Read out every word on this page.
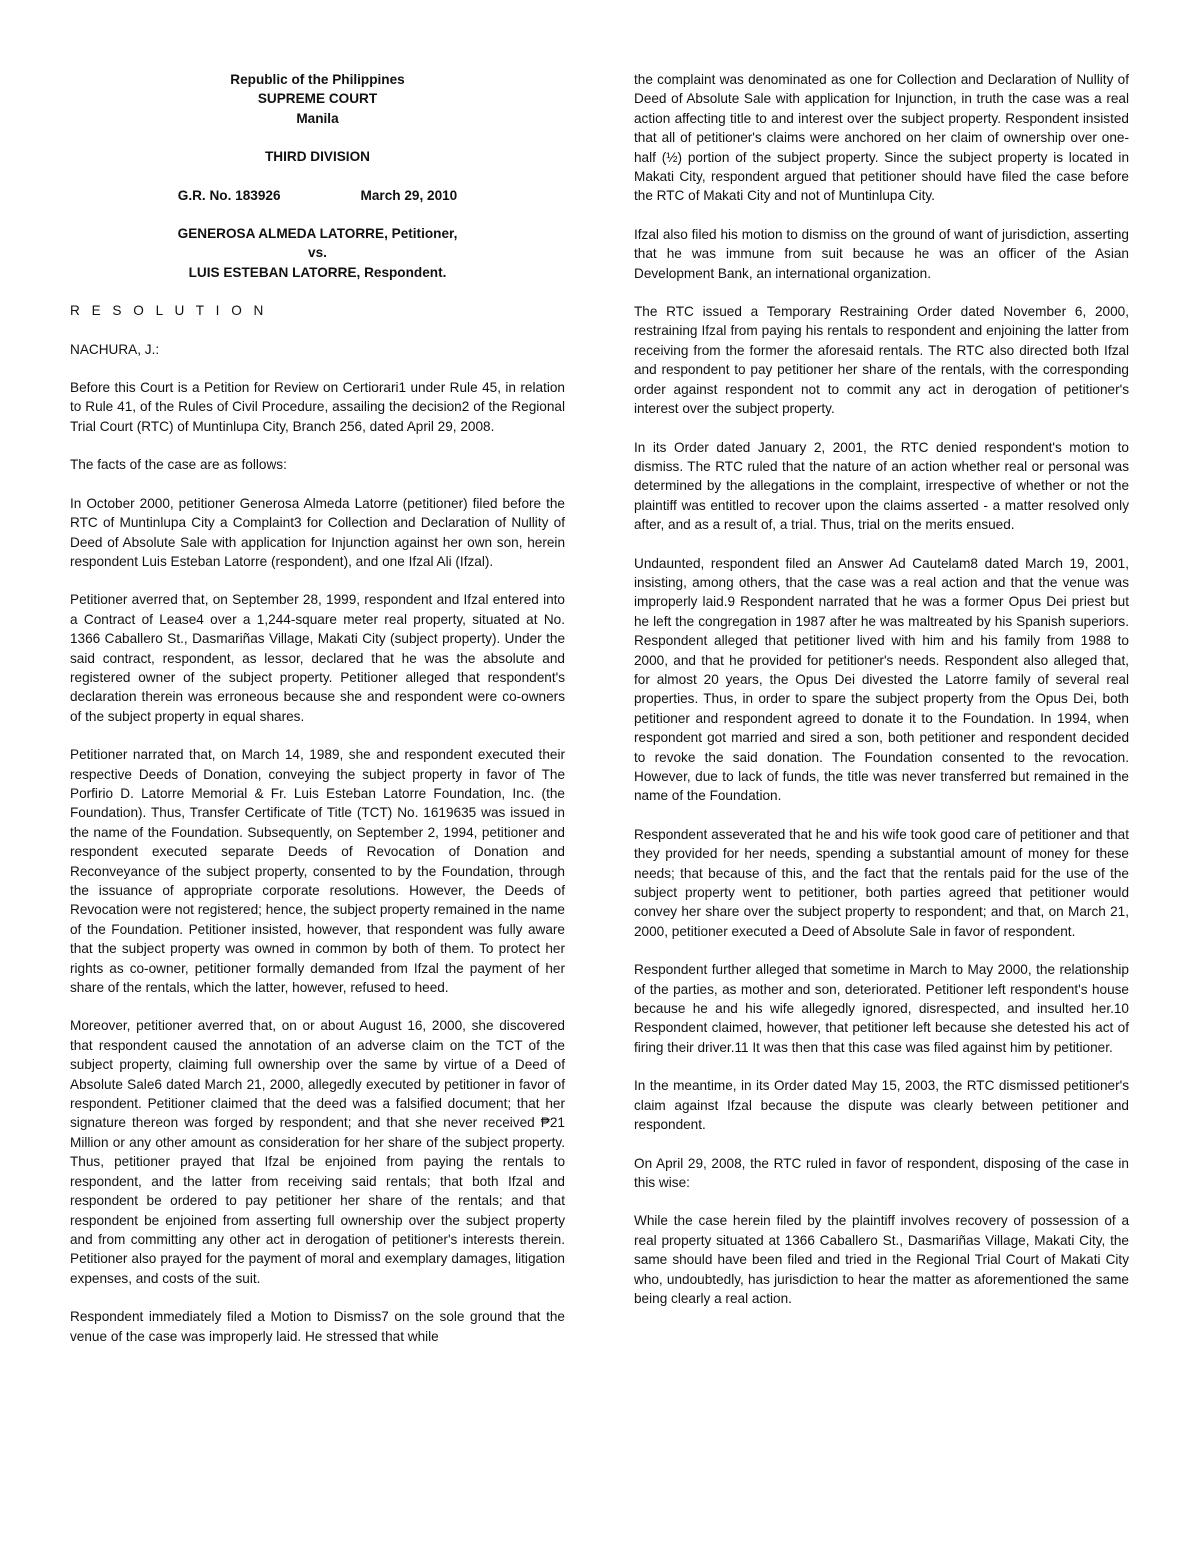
Republic of the Philippines

SUPREME COURT

Manila

THIRD DIVISION

G.R. No. 183926	March 29, 2010

GENEROSA ALMEDA LATORRE, Petitioner,

vs.

LUIS ESTEBAN LATORRE, Respondent.

R E S O L U T I O N

NACHURA, J.:

Before this Court is a Petition for Review on Certiorari1 under Rule 45, in relation to Rule 41, of the Rules of Civil Procedure, assailing the decision2 of the Regional Trial Court (RTC) of Muntinlupa City, Branch 256, dated April 29, 2008.

The facts of the case are as follows:

In October 2000, petitioner Generosa Almeda Latorre (petitioner) filed before the RTC of Muntinlupa City a Complaint3 for Collection and Declaration of Nullity of Deed of Absolute Sale with application for Injunction against her own son, herein respondent Luis Esteban Latorre (respondent), and one Ifzal Ali (Ifzal).

Petitioner averred that, on September 28, 1999, respondent and Ifzal entered into a Contract of Lease4 over a 1,244-square meter real property, situated at No. 1366 Caballero St., Dasmariñas Village, Makati City (subject property). Under the said contract, respondent, as lessor, declared that he was the absolute and registered owner of the subject property. Petitioner alleged that respondent's declaration therein was erroneous because she and respondent were co-owners of the subject property in equal shares.

Petitioner narrated that, on March 14, 1989, she and respondent executed their respective Deeds of Donation, conveying the subject property in favor of The Porfirio D. Latorre Memorial & Fr. Luis Esteban Latorre Foundation, Inc. (the Foundation). Thus, Transfer Certificate of Title (TCT) No. 1619635 was issued in the name of the Foundation. Subsequently, on September 2, 1994, petitioner and respondent executed separate Deeds of Revocation of Donation and Reconveyance of the subject property, consented to by the Foundation, through the issuance of appropriate corporate resolutions. However, the Deeds of Revocation were not registered; hence, the subject property remained in the name of the Foundation. Petitioner insisted, however, that respondent was fully aware that the subject property was owned in common by both of them. To protect her rights as co-owner, petitioner formally demanded from Ifzal the payment of her share of the rentals, which the latter, however, refused to heed.

Moreover, petitioner averred that, on or about August 16, 2000, she discovered that respondent caused the annotation of an adverse claim on the TCT of the subject property, claiming full ownership over the same by virtue of a Deed of Absolute Sale6 dated March 21, 2000, allegedly executed by petitioner in favor of respondent. Petitioner claimed that the deed was a falsified document; that her signature thereon was forged by respondent; and that she never received ₱21 Million or any other amount as consideration for her share of the subject property. Thus, petitioner prayed that Ifzal be enjoined from paying the rentals to respondent, and the latter from receiving said rentals; that both Ifzal and respondent be ordered to pay petitioner her share of the rentals; and that respondent be enjoined from asserting full ownership over the subject property and from committing any other act in derogation of petitioner's interests therein. Petitioner also prayed for the payment of moral and exemplary damages, litigation expenses, and costs of the suit.

Respondent immediately filed a Motion to Dismiss7 on the sole ground that the venue of the case was improperly laid. He stressed that while

the complaint was denominated as one for Collection and Declaration of Nullity of Deed of Absolute Sale with application for Injunction, in truth the case was a real action affecting title to and interest over the subject property. Respondent insisted that all of petitioner's claims were anchored on her claim of ownership over one-half (½) portion of the subject property. Since the subject property is located in Makati City, respondent argued that petitioner should have filed the case before the RTC of Makati City and not of Muntinlupa City.

Ifzal also filed his motion to dismiss on the ground of want of jurisdiction, asserting that he was immune from suit because he was an officer of the Asian Development Bank, an international organization.

The RTC issued a Temporary Restraining Order dated November 6, 2000, restraining Ifzal from paying his rentals to respondent and enjoining the latter from receiving from the former the aforesaid rentals. The RTC also directed both Ifzal and respondent to pay petitioner her share of the rentals, with the corresponding order against respondent not to commit any act in derogation of petitioner's interest over the subject property.

In its Order dated January 2, 2001, the RTC denied respondent's motion to dismiss. The RTC ruled that the nature of an action whether real or personal was determined by the allegations in the complaint, irrespective of whether or not the plaintiff was entitled to recover upon the claims asserted - a matter resolved only after, and as a result of, a trial. Thus, trial on the merits ensued.

Undaunted, respondent filed an Answer Ad Cautelam8 dated March 19, 2001, insisting, among others, that the case was a real action and that the venue was improperly laid.9 Respondent narrated that he was a former Opus Dei priest but he left the congregation in 1987 after he was maltreated by his Spanish superiors. Respondent alleged that petitioner lived with him and his family from 1988 to 2000, and that he provided for petitioner's needs. Respondent also alleged that, for almost 20 years, the Opus Dei divested the Latorre family of several real properties. Thus, in order to spare the subject property from the Opus Dei, both petitioner and respondent agreed to donate it to the Foundation. In 1994, when respondent got married and sired a son, both petitioner and respondent decided to revoke the said donation. The Foundation consented to the revocation. However, due to lack of funds, the title was never transferred but remained in the name of the Foundation.

Respondent asseverated that he and his wife took good care of petitioner and that they provided for her needs, spending a substantial amount of money for these needs; that because of this, and the fact that the rentals paid for the use of the subject property went to petitioner, both parties agreed that petitioner would convey her share over the subject property to respondent; and that, on March 21, 2000, petitioner executed a Deed of Absolute Sale in favor of respondent.

Respondent further alleged that sometime in March to May 2000, the relationship of the parties, as mother and son, deteriorated. Petitioner left respondent's house because he and his wife allegedly ignored, disrespected, and insulted her.10 Respondent claimed, however, that petitioner left because she detested his act of firing their driver.11 It was then that this case was filed against him by petitioner.

In the meantime, in its Order dated May 15, 2003, the RTC dismissed petitioner's claim against Ifzal because the dispute was clearly between petitioner and respondent.

On April 29, 2008, the RTC ruled in favor of respondent, disposing of the case in this wise:

While the case herein filed by the plaintiff involves recovery of possession of a real property situated at 1366 Caballero St., Dasmariñas Village, Makati City, the same should have been filed and tried in the Regional Trial Court of Makati City who, undoubtedly, has jurisdiction to hear the matter as aforementioned the same being clearly a real action.
